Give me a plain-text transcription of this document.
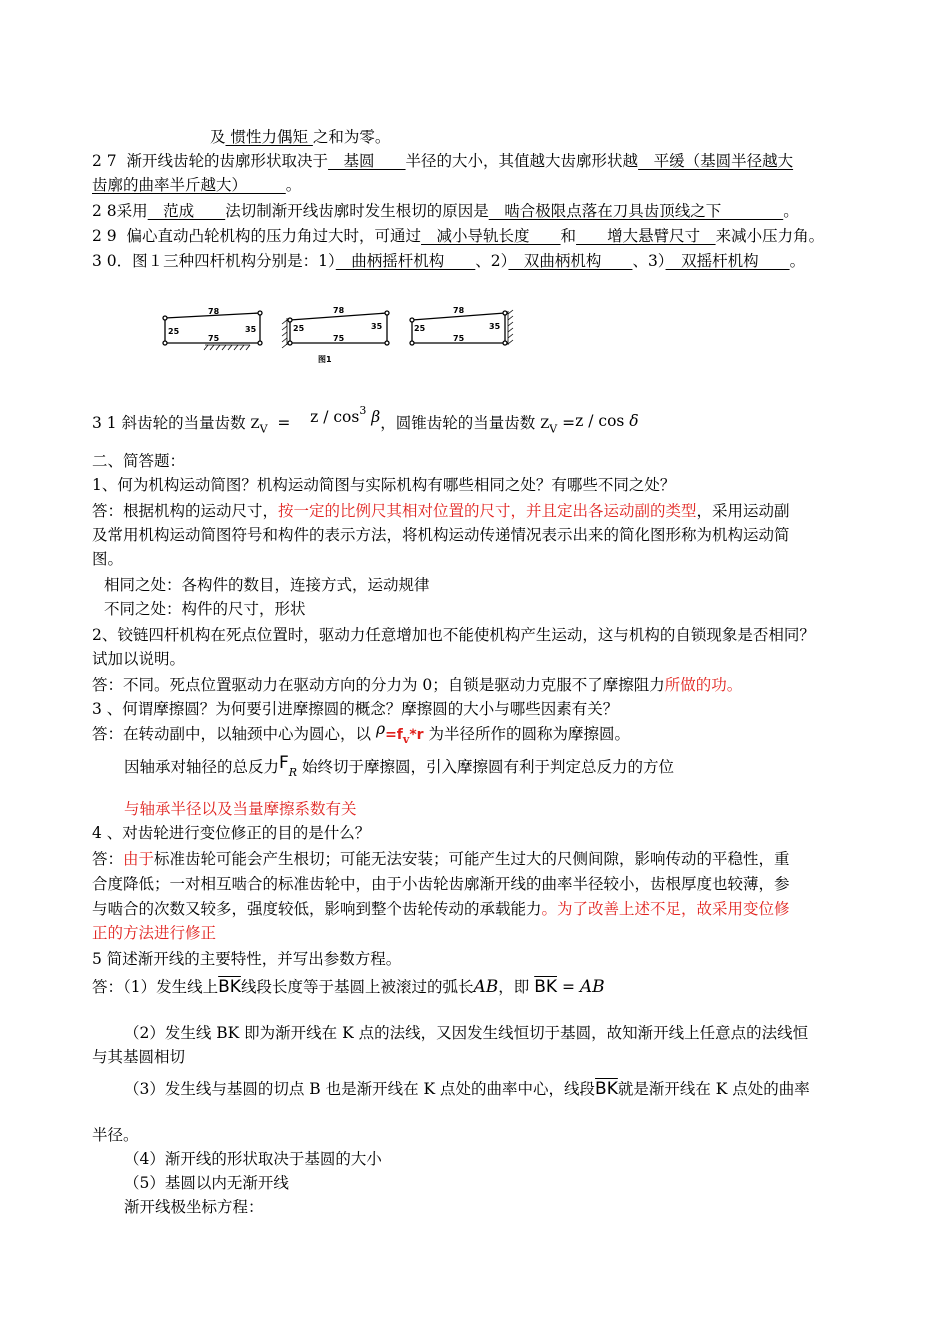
及 惯性力偶矩 之和为零。
2 7 渐开线齿轮的齿廓形状取决于　基圆　　半径的大小，其值越大齿廓形状越　平缓（基圆半径越大
齿廓的曲率半斤越大）　　　。
2 8采用　范成　　法切制渐开线齿廓时发生根切的原因是　啮合极限点落在刀具齿顶线之下　　　　。
2 9 偏心直动凸轮机构的压力角过大时，可通过　减小导轨长度　　和　　增大悬臂尺寸　来减小压力角。
3 0．图１三种四杆机构分别是：1）　曲柄摇杆机构　　、2）　双曲柄机构　　、3）　双摇杆机构　　。
78
25	35
75
78
25	35
75
78
25	35
75
图1
3 1 斜齿轮的当量齿数 $Z_V = z / \cos^3 \beta$，圆锥齿轮的当量齿数 $Z_V =z / \cos \delta$
二、简答题：
1、何为机构运动简图？机构运动简图与实际机构有哪些相同之处？有哪些不同之处？
答：根据机构的运动尺寸，按一定的比例尺其相对位置的尺寸，并且定出各运动副的类型，采用运动副
及常用机构运动简图符号和构件的表示方法，将机构运动传递情况表示出来的简化图形称为机构运动简
图。
相同之处：各构件的数目，连接方式，运动规律
不同之处：构件的尺寸，形状
2、铰链四杆机构在死点位置时，驱动力任意增加也不能使机构产生运动，这与机构的自锁现象是否相同？
试加以说明。
答：不同。死点位置驱动力在驱动方向的分力为 0；自锁是驱动力克服不了摩擦阻力所做的功。
3 、何谓摩擦圆？为何要引进摩擦圆的概念？摩擦圆的大小与哪些因素有关？
答：在转动副中，以轴颈中心为圆心，以 $\rho=f_v*r$ 为半径所作的圆称为摩擦圆。
因轴承对轴径的总反力$F_R$ 始终切于摩擦圆，引入摩擦圆有利于判定总反力的方位
与轴承半径以及当量摩擦系数有关
4 、对齿轮进行变位修正的目的是什么？
答：由于标准齿轮可能会产生根切；可能无法安装；可能产生过大的尺侧间隙，影响传动的平稳性，重
合度降低；一对相互啮合的标准齿轮中，由于小齿轮齿廓渐开线的曲率半径较小，齿根厚度也较薄，参
与啮合的次数又较多，强度较低，影响到整个齿轮传动的承载能力。为了改善上述不足，故采用变位修
正的方法进行修正
5 简述渐开线的主要特性，并写出参数方程。
答：（1）发生线上$\overline{BK}$线段长度等于基圆上被滚过的弧长AB，即 $\overline{BK}$ = AB
（2）发生线 BK 即为渐开线在 K 点的法线，又因发生线恒切于基圆，故知渐开线上任意点的法线恒
与其基圆相切
（3）发生线与基圆的切点 B 也是渐开线在 K 点处的曲率中心，线段$\overline{BK}$就是渐开线在 K 点处的曲率
半径。
（4）渐开线的形状取决于基圆的大小
（5）基圆以内无渐开线
渐开线极坐标方程：
